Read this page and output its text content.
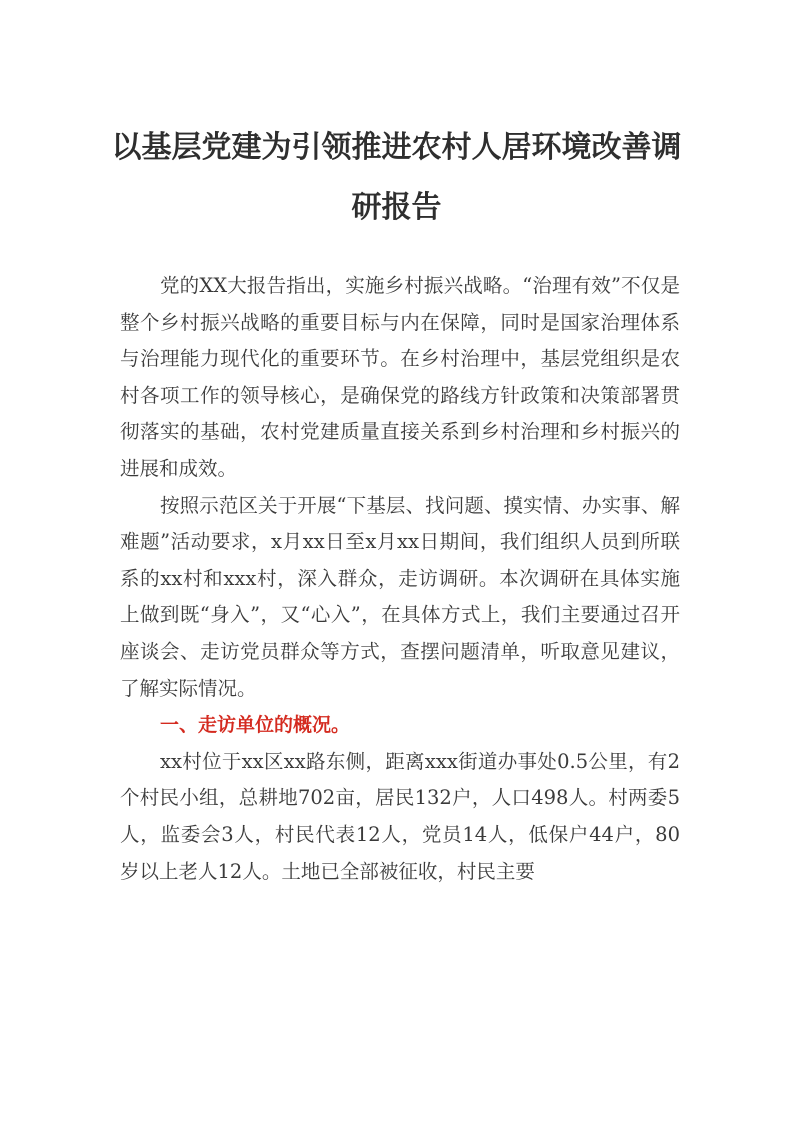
以基层党建为引领推进农村人居环境改善调
研报告

党的XX大报告指出，实施乡村振兴战略。“治理有效”不仅是整个乡村振兴战略的重要目标与内在保障，同时是国家治理体系与治理能力现代化的重要环节。在乡村治理中，基层党组织是农村各项工作的领导核心，是确保党的路线方针政策和决策部署贯彻落实的基础，农村党建质量直接关系到乡村治理和乡村振兴的进展和成效。

按照示范区关于开展“下基层、找问题、摸实情、办实事、解难题”活动要求，x月xx日至x月xx日期间，我们组织人员到所联系的xx村和xxx村，深入群众，走访调研。本次调研在具体实施上做到既“身入”，又“心入”，在具体方式上，我们主要通过召开座谈会、走访党员群众等方式，查摆问题清单，听取意见建议，了解实际情况。

一、走访单位的概况。

xx村位于xx区xx路东侧，距离xxx街道办事处0.5公里，有2个村民小组，总耕地702亩，居民132户，人口498人。村两委5人，监委会3人，村民代表12人，党员14人，低保户44户，80岁以上老人12人。土地已全部被征收，村民主要
